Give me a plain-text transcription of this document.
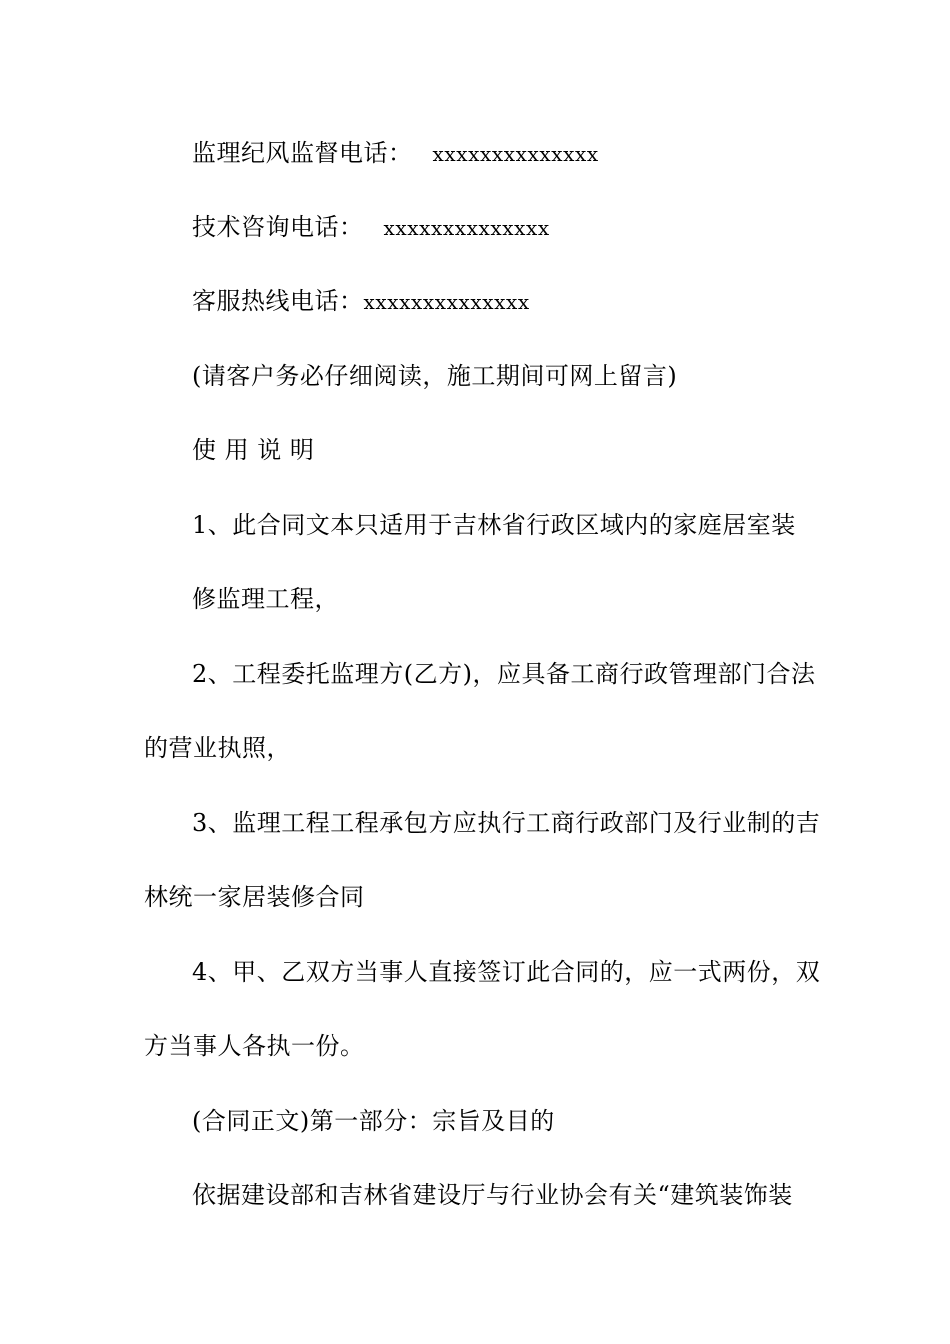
监理纪风监督电话： xxxxxxxxxxxxxx
技术咨询电话： xxxxxxxxxxxxxx
客服热线电话：xxxxxxxxxxxxxx
(请客户务必仔细阅读，施工期间可网上留言)
使 用 说 明
1、此合同文本只适用于吉林省行政区域内的家庭居室装
修监理工程，
2、工程委托监理方(乙方)，应具备工商行政管理部门合法
的营业执照，
3、监理工程工程承包方应执行工商行政部门及行业制的吉
林统一家居装修合同
4、甲、乙双方当事人直接签订此合同的，应一式两份，双
方当事人各执一份。
(合同正文)第一部分：宗旨及目的
依据建设部和吉林省建设厅与行业协会有关“建筑装饰装
